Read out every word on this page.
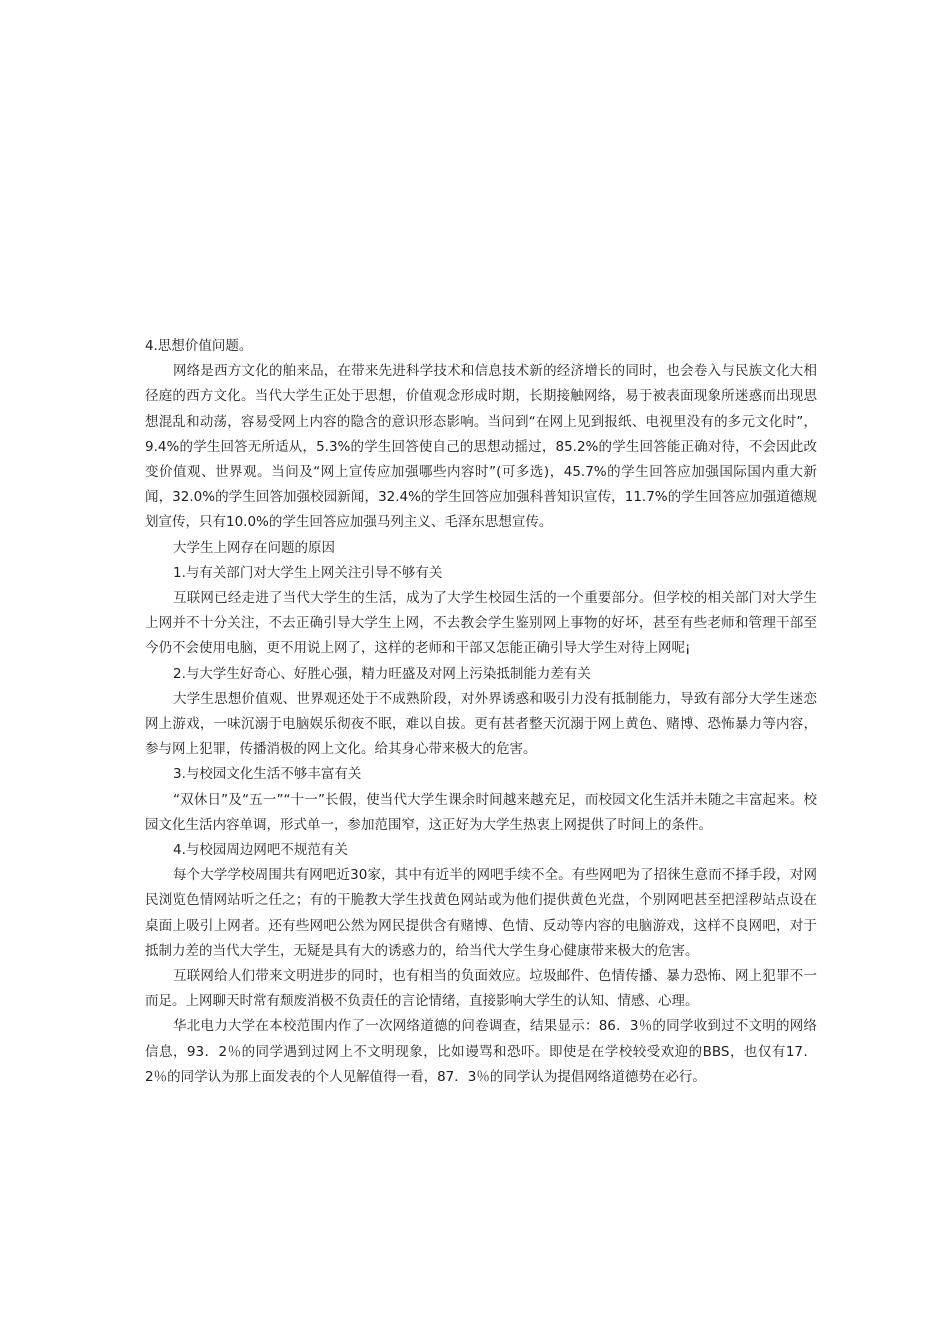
4.思想价值问题。

网络是西方文化的舶来品，在带来先进科学技术和信息技术新的经济增长的同时，也会卷入与民族文化大相径庭的西方文化。当代大学生正处于思想，价值观念形成时期，长期接触网络，易于被表面现象所迷惑而出现思想混乱和动荡，容易受网上内容的隐含的意识形态影响。当问到“在网上见到报纸、电视里没有的多元文化时”，9.4%的学生回答无所适从，5.3%的学生回答使自己的思想动摇过，85.2%的学生回答能正确对待，不会因此改变价值观、世界观。当问及“网上宣传应加强哪些内容时”(可多选)，45.7%的学生回答应加强国际国内重大新闻，32.0%的学生回答加强校园新闻，32.4%的学生回答应加强科普知识宣传，11.7%的学生回答应加强道德规划宣传，只有10.0%的学生回答应加强马列主义、毛泽东思想宣传。

大学生上网存在问题的原因

1.与有关部门对大学生上网关注引导不够有关

互联网已经走进了当代大学生的生活，成为了大学生校园生活的一个重要部分。但学校的相关部门对大学生上网并不十分关注，不去正确引导大学生上网，不去教会学生鉴别网上事物的好坏，甚至有些老师和管理干部至今仍不会使用电脑，更不用说上网了，这样的老师和干部又怎能正确引导大学生对待上网呢¡

2.与大学生好奇心、好胜心强，精力旺盛及对网上污染抵制能力差有关

大学生思想价值观、世界观还处于不成熟阶段，对外界诱惑和吸引力没有抵制能力，导致有部分大学生迷恋网上游戏，一味沉溺于电脑娱乐彻夜不眠，难以自拔。更有甚者整天沉溺于网上黄色、赌博、恐怖暴力等内容，参与网上犯罪，传播消极的网上文化。给其身心带来极大的危害。

3.与校园文化生活不够丰富有关

“双休日”及“五一”“十一”长假，使当代大学生课余时间越来越充足，而校园文化生活并未随之丰富起来。校园文化生活内容单调，形式单一，参加范围窄，这正好为大学生热衷上网提供了时间上的条件。

4.与校园周边网吧不规范有关

每个大学学校周围共有网吧近30家，其中有近半的网吧手续不全。有些网吧为了招徕生意而不择手段，对网民浏览色情网站听之任之；有的干脆教大学生找黄色网站或为他们提供黄色光盘，个别网吧甚至把淫秽站点设在桌面上吸引上网者。还有些网吧公然为网民提供含有赌博、色情、反动等内容的电脑游戏，这样不良网吧，对于抵制力差的当代大学生，无疑是具有大的诱惑力的，给当代大学生身心健康带来极大的危害。

互联网给人们带来文明进步的同时，也有相当的负面效应。垃圾邮件、色情传播、暴力恐怖、网上犯罪不一而足。上网聊天时常有颓废消极不负责任的言论情绪，直接影响大学生的认知、情感、心理。

华北电力大学在本校范围内作了一次网络道德的问卷调查，结果显示：86．3％的同学收到过不文明的网络信息，93．2％的同学遇到过网上不文明现象，比如谩骂和恐吓。即使是在学校较受欢迎的BBS，也仅有17．2％的同学认为那上面发表的个人见解值得一看，87．3％的同学认为提倡网络道德势在必行。
